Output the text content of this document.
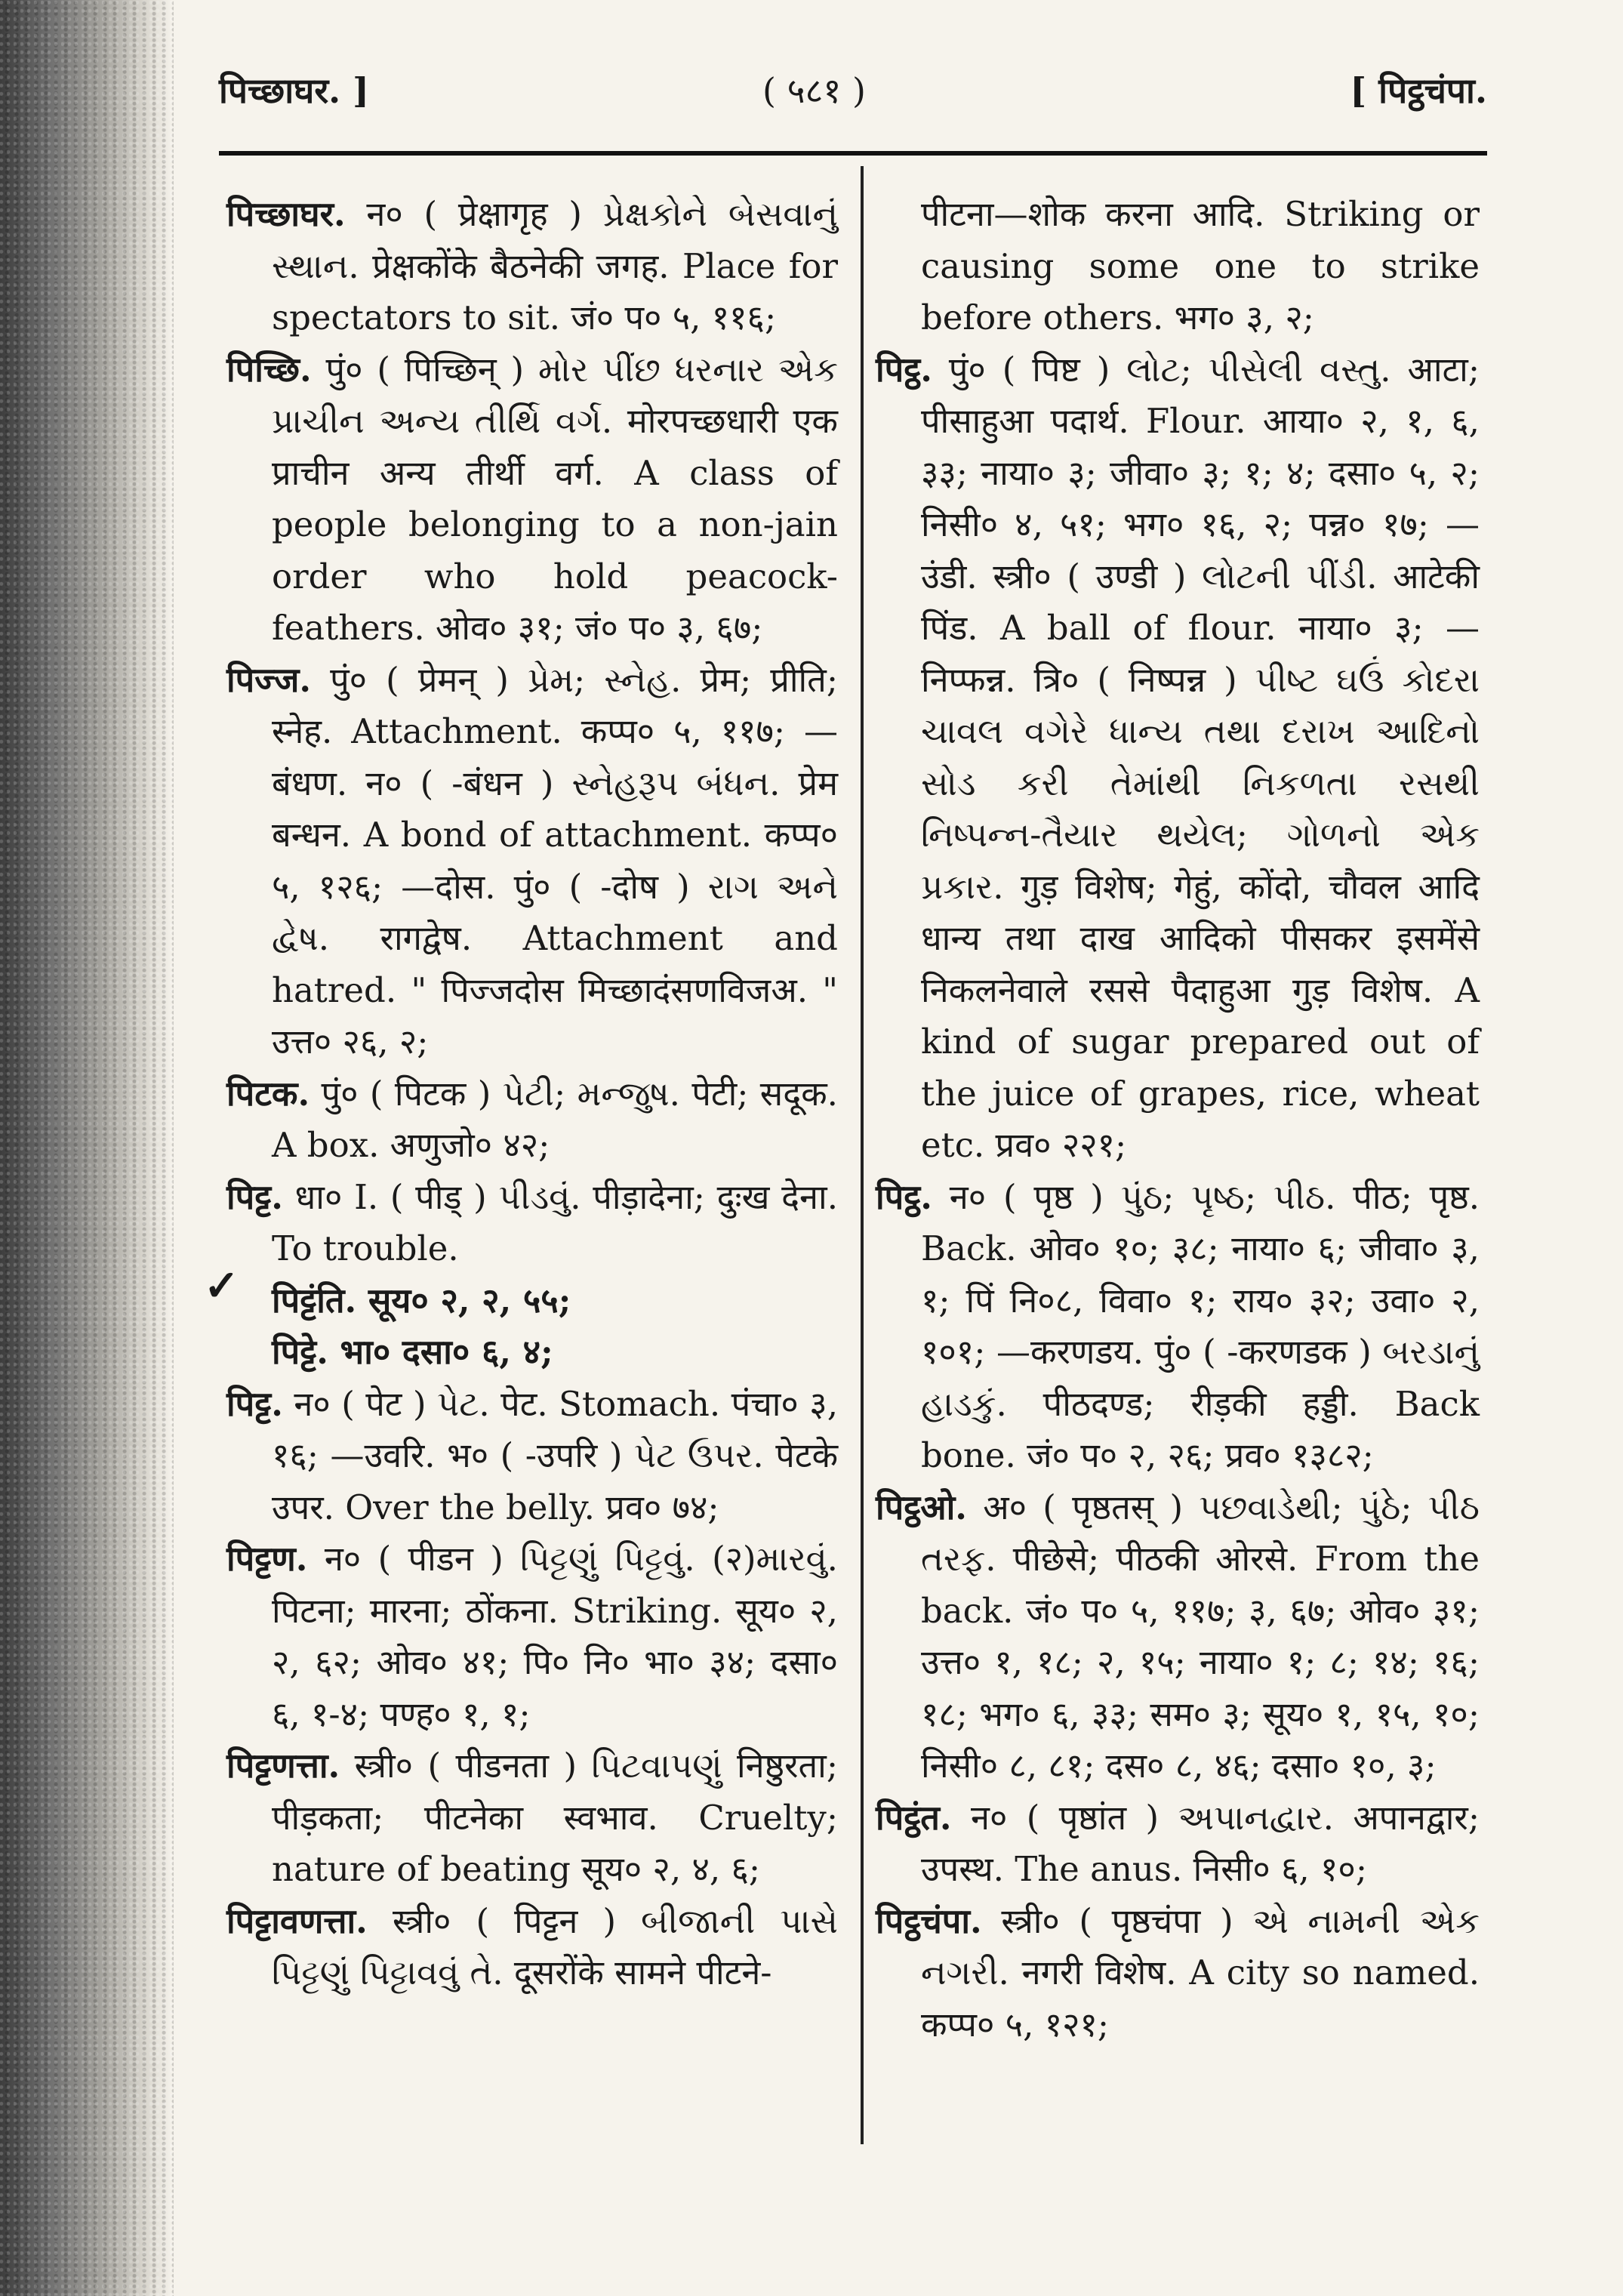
पिच्छाघर. ]	( ५८१ )	[ पिट्ठचंपा.
✓

पिच्छाघर. न० ( प्रेक्षागृह ) પ્રેક્ષકોને બેસવાનું સ્થાન. प्रेक्षकोंके बैठनेकी जगह. Place for spectators to sit. जं० प० ५, ११६;

पिच्छि. पुं० ( पिच्छिन् ) મોર પીંછ ધરનાર એક પ્રાચીન અન્ય તીર્થિ વર્ગ. मोरपच्छधारी एक प्राचीन अन्य तीर्थी वर्ग. A class of people belonging to a non-jain order who hold peacock-feathers. ओव० ३१; जं० प० ३, ६७;

पिज्ज. पुं० ( प्रेमन् ) પ્રેમ; સ્નેહ. प्रेम; प्रीति; स्नेह. Attachment. कप्प० ५, ११७; —बंधण. न० ( -बंधन ) સ્નેહરૂપ બંધન. प्रेम बन्धन. A bond of attachment. कप्प० ५, १२६; —दोस. पुं० ( -दोष ) રાગ અને દ્વેષ. रागद्वेष. Attachment and hatred. " पिज्जदोस मिच्छादंसणविजअ. " उत्त० २६, २;

पिटक. पुं० ( पिटक ) પેટી; મન્જુષ. पेटी; सदूक. A box. अणुजो० ४२;

पिट्ट. धा० I. ( पीड् ) પીડવું. पीड़ादेना; दुःख देना. To trouble.

पिट्टंति. सूय० २, २, ५५;

पिट्टे. भा० दसा० ६, ४;

पिट्ट. न० ( पेट ) પેટ. पेट. Stomach. पंचा० ३, १६; —उवरि. भ० ( -उपरि ) પેટ ઉપર. पेटके उपर. Over the belly. प्रव० ७४;

पिट्टण. न० ( पीडन ) પિટ્ટણું પિટ્ટવું. (२)મારવું. पिटना; मारना; ठोंकना. Striking. सूय० २, २, ६२; ओव० ४१; पि० नि० भा० ३४; दसा० ६, १-४; पण्ह० १, १;

पिट्टणत्ता. स्त्री० ( पीडनता ) પિટવાપણું निष्ठुरता; पीड़कता; पीटनेका स्वभाव. Cruelty; nature of beating सूय० २, ४, ६;

पिट्टावणत्ता. स्त्री० ( पिट्टन ) બીજાની પાસે પિટ્ટણું પિટ્ટાવવું તે. दूसरोंके सामने पीटने-

पीटना—शोक करना आदि. Striking or causing some one to strike before others. भग० ३, २;

पिट्ठ. पुं० ( पिष्ट ) લોટ; પીસેલી વસ્તુ. आटा; पीसाहुआ पदार्थ. Flour. आया० २, १, ६, ३३; नाया० ३; जीवा० ३; १; ४; दसा० ५, २; निसी० ४, ५१; भग० १६, २; पन्न० १७; —उंडी. स्त्री० ( उण्डी ) લોટની પીંડી. आटेकी पिंड. A ball of flour. नाया० ३; —निप्फन्न. त्रि० ( निष्पन्न ) પીષ્ટ ઘઉં કોદરા ચાવલ વગેરે ધાન્ય તથા દરાખ આદિનો સોડ કરી તેમાંથી નિકળતા રસથી નિષ્પન્ન-તૈયાર થયેલ; ગોળનો એક પ્રકાર. गुड़ विशेष; गेहुं, कोंदो, चौवल आदि धान्य तथा दाख आदिको पीसकर इसमेंसे निकलनेवाले रससे पैदाहुआ गुड़ विशेष. A kind of sugar prepared out of the juice of grapes, rice, wheat etc. प्रव० २२१;

पिट्ठ. न० ( पृष्ठ ) પુંઠ; પૃષ્ઠ; પીઠ. पीठ; पृष्ठ. Back. ओव० १०; ३८; नाया० ६; जीवा० ३, १; पिं नि०८, विवा० १; राय० ३२; उवा० २, १०१; —करणडय. पुं० ( -करणडक ) બરડાનું હાડકું. पीठदण्ड; रीड़की हड्डी. Back bone. जं० प० २, २६; प्रव० १३८२;

पिट्ठओ. अ० ( पृष्ठतस् ) પછવાડેથી; પુંઠે; પીઠ તરફ. पीछेसे; पीठकी ओरसे. From the back. जं० प० ५, ११७; ३, ६७; ओव० ३१; उत्त० १, १८; २, १५; नाया० १; ८; १४; १६; १८; भग० ६, ३३; सम० ३; सूय० १, १५, १०; निसी० ८, ८१; दस० ८, ४६; दसा० १०, ३;

पिट्ठंत. न० ( पृष्ठांत ) અપાનદ્વાર. अपानद्वार; उपस्थ. The anus. निसी० ६, १०;

पिट्ठचंपा. स्त्री० ( पृष्ठचंपा ) એ નામની એક નગરી. नगरी विशेष. A city so named. कप्प० ५, १२१;
